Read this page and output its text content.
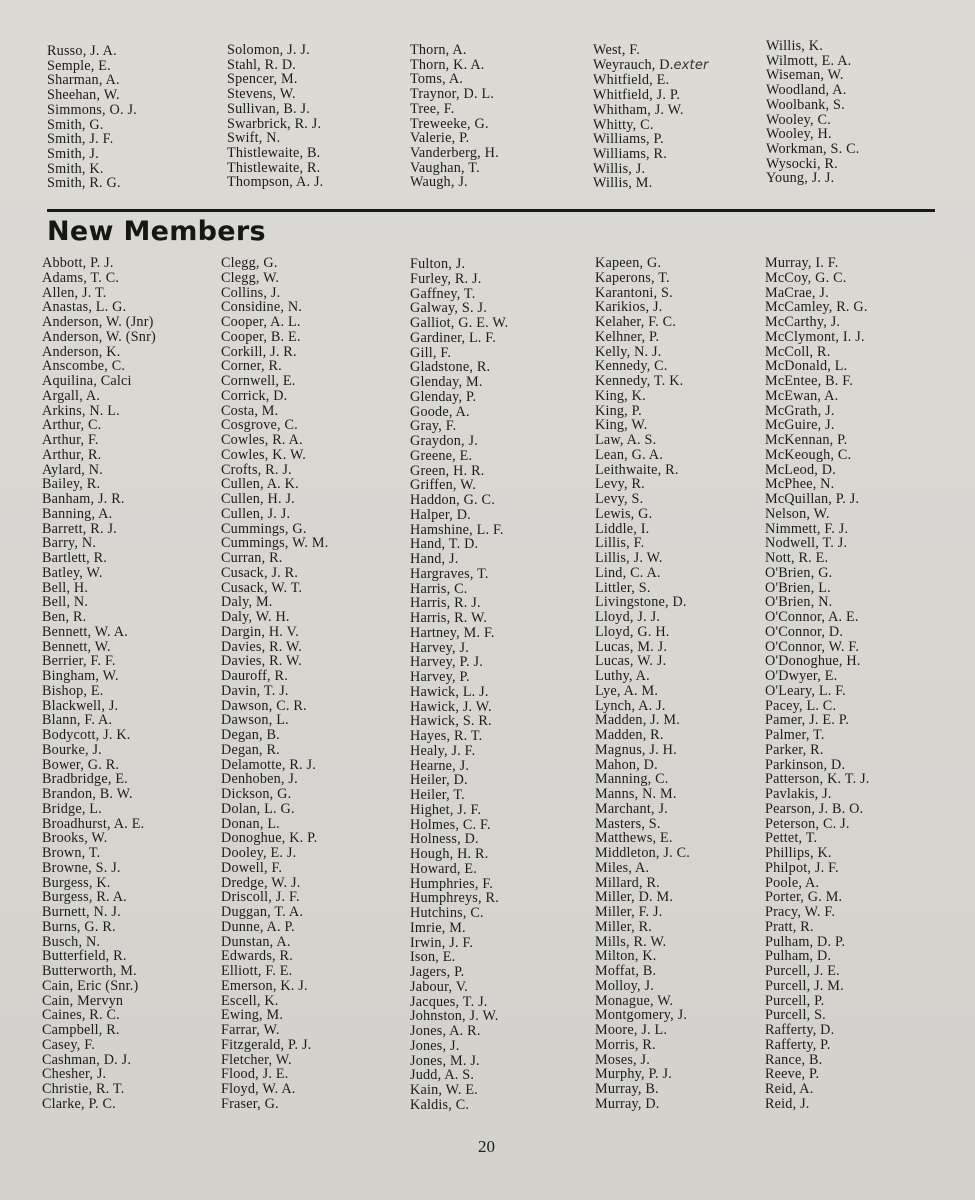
Russo, J. A.
Semple, E.
Sharman, A.
Sheehan, W.
Simmons, O. J.
Smith, G.
Smith, J. F.
Smith, J.
Smith, K.
Smith, R. G.
Solomon, J. J.
Stahl, R. D.
Spencer, M.
Stevens, W.
Sullivan, B. J.
Swarbrick, R. J.
Swift, N.
Thistlewaite, B.
Thistlewaite, R.
Thompson, A. J.
Thorn, A.
Thorn, K. A.
Toms, A.
Traynor, D. L.
Tree, F.
Treweeke, G.
Valerie, P.
Vanderberg, H.
Vaughan, T.
Waugh, J.
West, F.
Weyrauch, D.exter
Whitfield, E.
Whitfield, J. P.
Whitham, J. W.
Whitty, C.
Williams, P.
Williams, R.
Willis, J.
Willis, M.
Willis, K.
Wilmott, E. A.
Wiseman, W.
Woodland, A.
Woolbank, S.
Wooley, C.
Wooley, H.
Workman, S. C.
Wysocki, R.
Young, J. J.
New Members
Abbott, P. J.
Adams, T. C.
Allen, J. T.
Anastas, L. G.
Anderson, W. (Jnr)
Anderson, W. (Snr)
Anderson, K.
Anscombe, C.
Aquilina, Calci
Argall, A.
Arkins, N. L.
Arthur, C.
Arthur, F.
Arthur, R.
Aylard, N.
Bailey, R.
Banham, J. R.
Banning, A.
Barrett, R. J.
Barry, N.
Bartlett, R.
Batley, W.
Bell, H.
Bell, N.
Ben, R.
Bennett, W. A.
Bennett, W.
Berrier, F. F.
Bingham, W.
Bishop, E.
Blackwell, J.
Blann, F. A.
Bodycott, J. K.
Bourke, J.
Bower, G. R.
Bradbridge, E.
Brandon, B. W.
Bridge, L.
Broadhurst, A. E.
Brooks, W.
Brown, T.
Browne, S. J.
Burgess, K.
Burgess, R. A.
Burnett, N. J.
Burns, G. R.
Busch, N.
Butterfield, R.
Butterworth, M.
Cain, Eric (Snr.)
Cain, Mervyn
Caines, R. C.
Campbell, R.
Casey, F.
Cashman, D. J.
Chesher, J.
Christie, R. T.
Clarke, P. C.
Clegg, G.
Clegg, W.
Collins, J.
Considine, N.
Cooper, A. L.
Cooper, B. E.
Corkill, J. R.
Corner, R.
Cornwell, E.
Corrick, D.
Costa, M.
Cosgrove, C.
Cowles, R. A.
Cowles, K. W.
Crofts, R. J.
Cullen, A. K.
Cullen, H. J.
Cullen, J. J.
Cummings, G.
Cummings, W. M.
Curran, R.
Cusack, J. R.
Cusack, W. T.
Daly, M.
Daly, W. H.
Dargin, H. V.
Davies, R. W.
Davies, R. W.
Dauroff, R.
Davin, T. J.
Dawson, C. R.
Dawson, L.
Degan, B.
Degan, R.
Delamotte, R. J.
Denhoben, J.
Dickson, G.
Dolan, L. G.
Donan, L.
Donoghue, K. P.
Dooley, E. J.
Dowell, F.
Dredge, W. J.
Driscoll, J. F.
Duggan, T. A.
Dunne, A. P.
Dunstan, A.
Edwards, R.
Elliott, F. E.
Emerson, K. J.
Escell, K.
Ewing, M.
Farrar, W.
Fitzgerald, P. J.
Fletcher, W.
Flood, J. E.
Floyd, W. A.
Fraser, G.
Fulton, J.
Furley, R. J.
Gaffney, T.
Galway, S. J.
Galliot, G. E. W.
Gardiner, L. F.
Gill, F.
Gladstone, R.
Glenday, M.
Glenday, P.
Goode, A.
Gray, F.
Graydon, J.
Greene, E.
Green, H. R.
Griffen, W.
Haddon, G. C.
Halper, D.
Hamshine, L. F.
Hand, T. D.
Hand, J.
Hargraves, T.
Harris, C.
Harris, R. J.
Harris, R. W.
Hartney, M. F.
Harvey, J.
Harvey, P. J.
Harvey, P.
Hawick, L. J.
Hawick, J. W.
Hawick, S. R.
Hayes, R. T.
Healy, J. F.
Hearne, J.
Heiler, D.
Heiler, T.
Highet, J. F.
Holmes, C. F.
Holness, D.
Hough, H. R.
Howard, E.
Humphries, F.
Humphreys, R.
Hutchins, C.
Imrie, M.
Irwin, J. F.
Ison, E.
Jagers, P.
Jabour, V.
Jacques, T. J.
Johnston, J. W.
Jones, A. R.
Jones, J.
Jones, M. J.
Judd, A. S.
Kain, W. E.
Kaldis, C.
Kapeen, G.
Kaperons, T.
Karantoni, S.
Karikios, J.
Kelaher, F. C.
Kelhner, P.
Kelly, N. J.
Kennedy, C.
Kennedy, T. K.
King, K.
King, P.
King, W.
Law, A. S.
Lean, G. A.
Leithwaite, R.
Levy, R.
Levy, S.
Lewis, G.
Liddle, I.
Lillis, F.
Lillis, J. W.
Lind, C. A.
Littler, S.
Livingstone, D.
Lloyd, J. J.
Lloyd, G. H.
Lucas, M. J.
Lucas, W. J.
Luthy, A.
Lye, A. M.
Lynch, A. J.
Madden, J. M.
Madden, R.
Magnus, J. H.
Mahon, D.
Manning, C.
Manns, N. M.
Marchant, J.
Masters, S.
Matthews, E.
Middleton, J. C.
Miles, A.
Millard, R.
Miller, D. M.
Miller, F. J.
Miller, R.
Mills, R. W.
Milton, K.
Moffat, B.
Molloy, J.
Monague, W.
Montgomery, J.
Moore, J. L.
Morris, R.
Moses, J.
Murphy, P. J.
Murray, B.
Murray, D.
Murray, I. F.
McCoy, G. C.
MaCrae, J.
McCamley, R. G.
McCarthy, J.
McClymont, I. J.
McColl, R.
McDonald, L.
McEntee, B. F.
McEwan, A.
McGrath, J.
McGuire, J.
McKennan, P.
McKeough, C.
McLeod, D.
McPhee, N.
McQuillan, P. J.
Nelson, W.
Nimmett, F. J.
Nodwell, T. J.
Nott, R. E.
O'Brien, G.
O'Brien, L.
O'Brien, N.
O'Connor, A. E.
O'Connor, D.
O'Connor, W. F.
O'Donoghue, H.
O'Dwyer, E.
O'Leary, L. F.
Pacey, L. C.
Pamer, J. E. P.
Palmer, T.
Parker, R.
Parkinson, D.
Patterson, K. T. J.
Pavlakis, J.
Pearson, J. B. O.
Peterson, C. J.
Pettet, T.
Phillips, K.
Philpot, J. F.
Poole, A.
Porter, G. M.
Pracy, W. F.
Pratt, R.
Pulham, D. P.
Pulham, D.
Purcell, J. E.
Purcell, J. M.
Purcell, P.
Purcell, S.
Rafferty, D.
Rafferty, P.
Rance, B.
Reeve, P.
Reid, A.
Reid, J.
20
